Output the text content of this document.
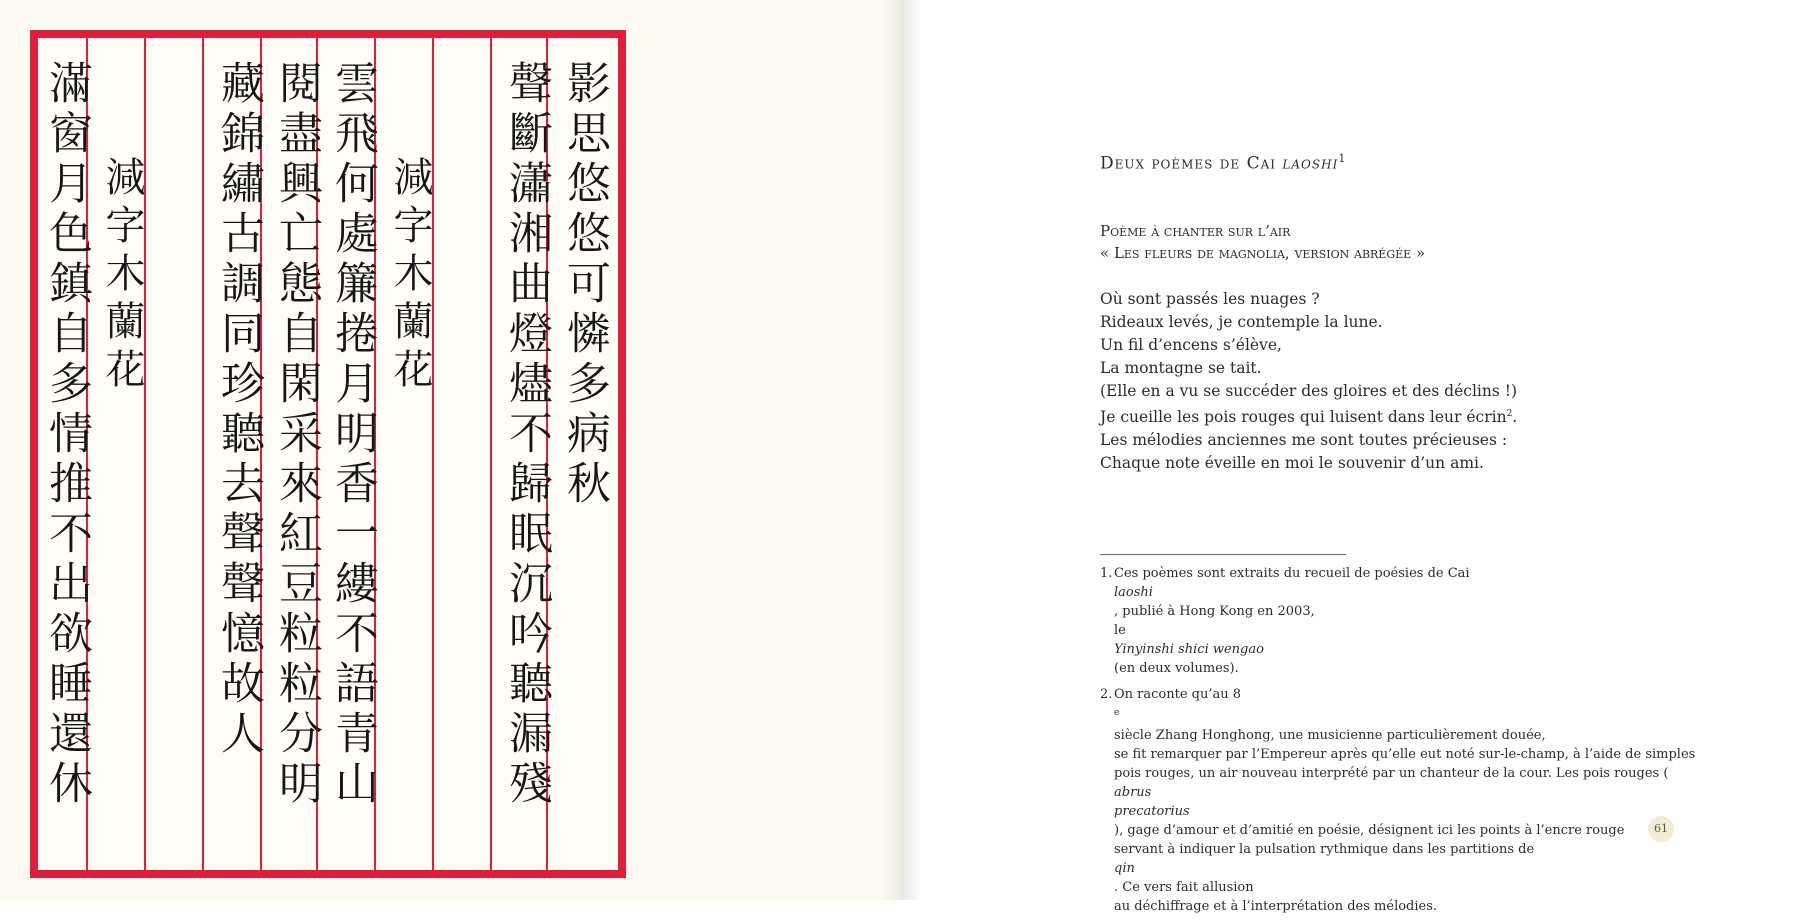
影思悠悠可憐多病秋
聲斷瀟湘曲燈燼不歸眠沉吟聽漏殘
減字木蘭花
雲飛何處簾捲月明香一縷不語青山
閱盡興亡態自閑采來紅豆粒粒分明
藏錦繡古調同珍聽去聲聲憶故人
減字木蘭花
滿窗月色鎮自多情推不出欲睡還休	Deux poèmes de Cai laoshi$^1$
Poème à chanter sur l’air
« Les fleurs de magnolia, version abrégée »
Où sont passés les nuages ?
Rideaux levés, je contemple la lune.
Un fil d’encens s’élève,
La montagne se tait.
(Elle en a vu se succéder des gloires et des déclins !)
Je cueille les pois rouges qui luisent dans leur écrin$^2$.
Les mélodies anciennes me sont toutes précieuses :
Chaque note éveille en moi le souvenir d’un ami.
1. Ces poèmes sont extraits du recueil de poésies de Cai
laoshi
, publié à Hong Kong en 2003,
le
Yinyinshi shici wengao
(en deux volumes).
2. On raconte qu’au 8
$^e$
siècle Zhang Honghong, une musicienne particulièrement douée,
se fit remarquer par l’Empereur après qu’elle eut noté sur-le-champ, à l’aide de simples
pois rouges, un air nouveau interprété par un chanteur de la cour. Les pois rouges (
abrus
precatorius
), gage d’amour et d’amitié en poésie, désignent ici les points à l’encre rouge
servant à indiquer la pulsation rythmique dans les partitions de
qin
. Ce vers fait allusion
au déchiffrage et à l’interprétation des mélodies.
61
